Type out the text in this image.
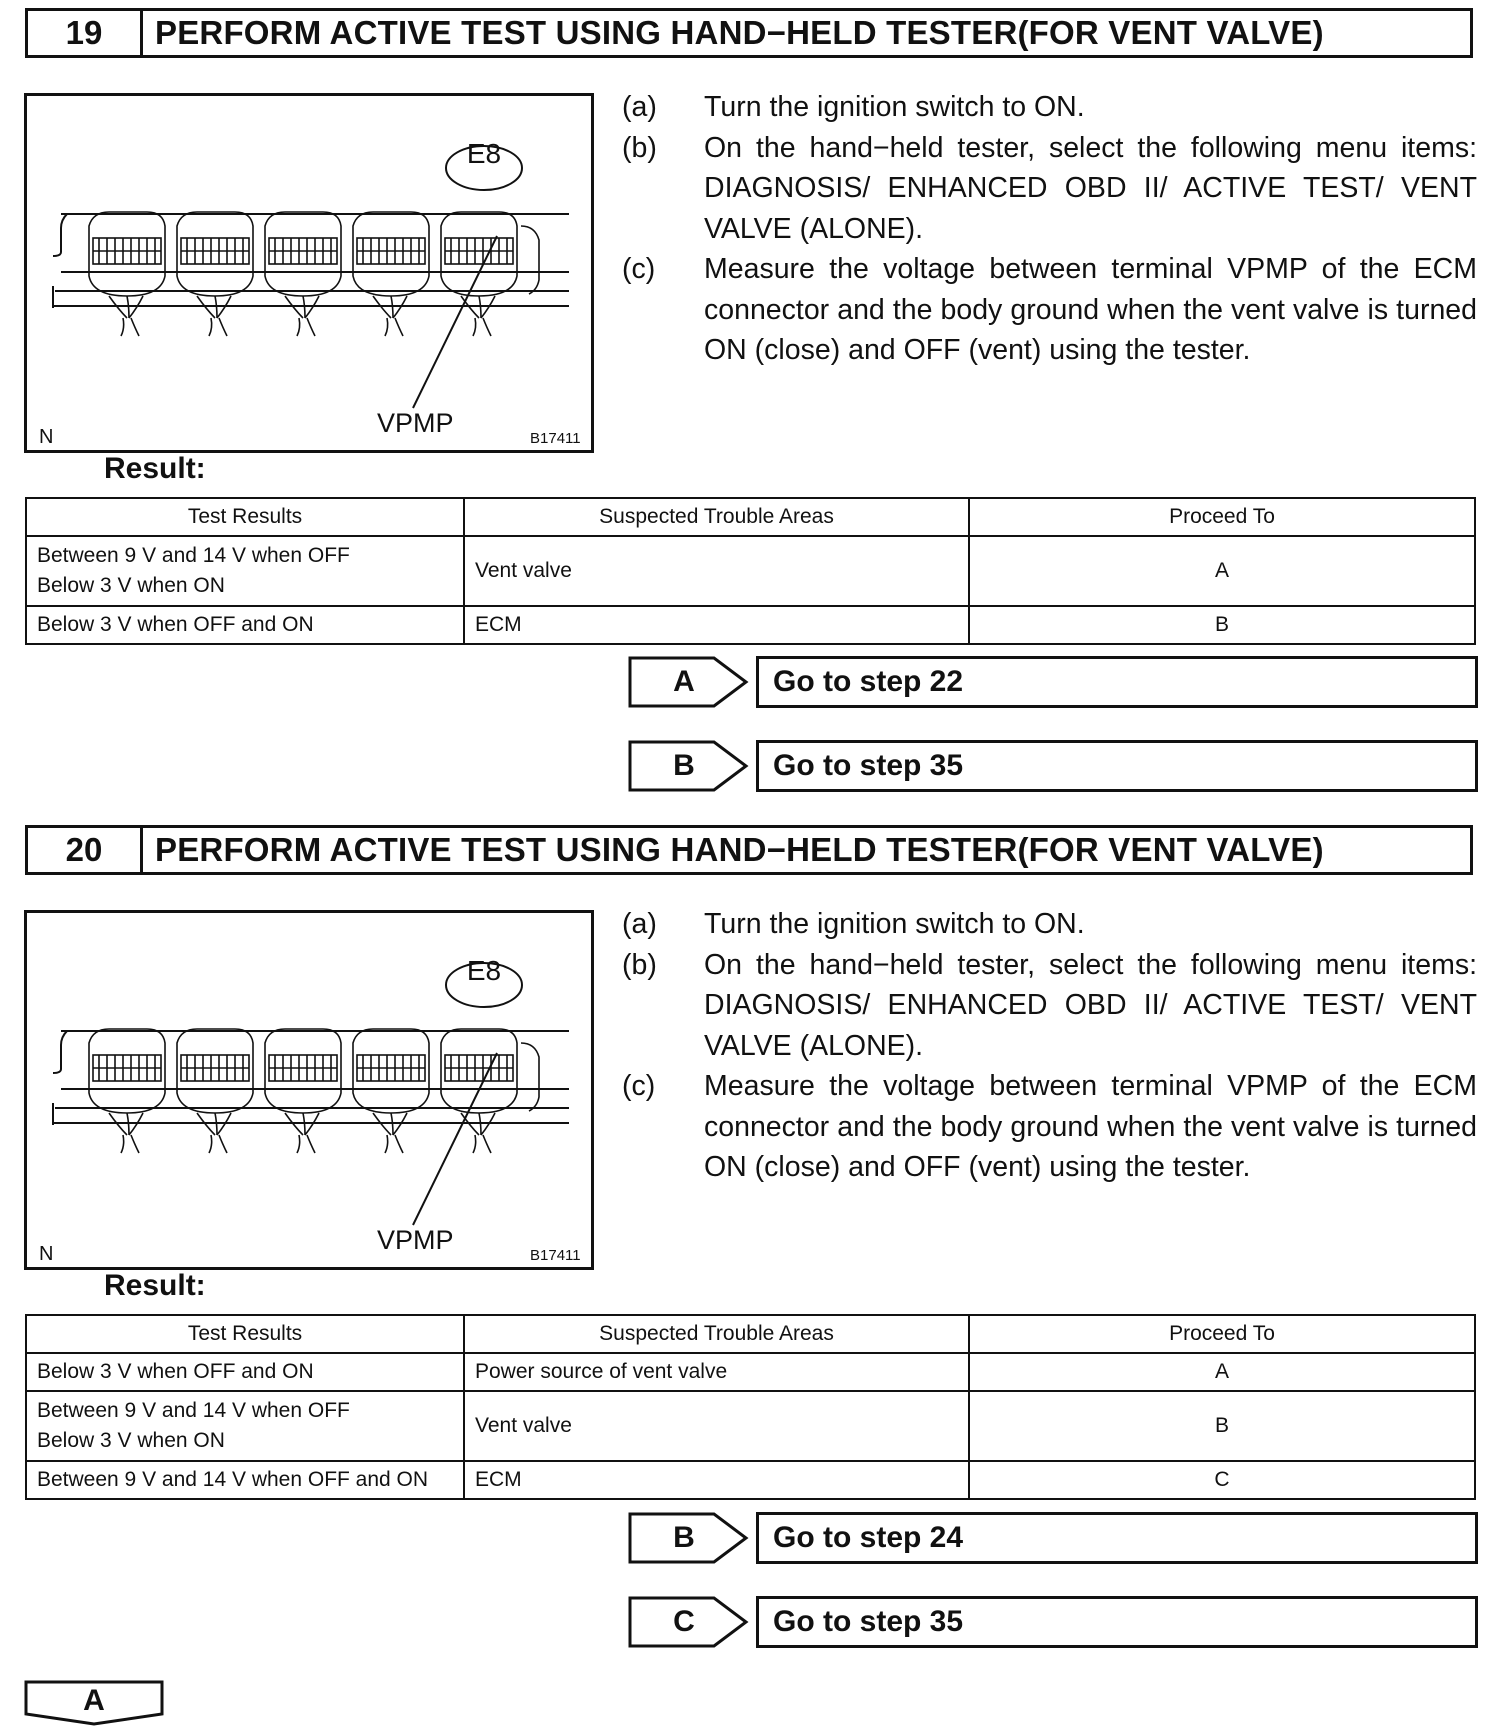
19	PERFORM ACTIVE TEST USING HAND−HELD TESTER(FOR VENT VALVE)
E8
VPMP
N	B17411
(a)	Turn the ignition switch to ON.
(b)	On the hand−held tester, select the following menu items: DIAGNOSIS/ ENHANCED OBD II/ ACTIVE TEST/ VENT VALVE (ALONE).
(c)	Measure the voltage between terminal VPMP of the ECM connector and the body ground when the vent valve is turned ON (close) and OFF (vent) using the tester.
Result:
Test Results	Suspected Trouble Areas	Proceed To

Between 9 V and 14 V when OFF
Below 3 V when ON	Vent valve	A

Below 3 V when OFF and ON	ECM	B
A	Go to step 22
B	Go to step 35
20	PERFORM ACTIVE TEST USING HAND−HELD TESTER(FOR VENT VALVE)
E8
VPMP
N	B17411
(a)	Turn the ignition switch to ON.
(b)	On the hand−held tester, select the following menu items: DIAGNOSIS/ ENHANCED OBD II/ ACTIVE TEST/ VENT VALVE (ALONE).
(c)	Measure the voltage between terminal VPMP of the ECM connector and the body ground when the vent valve is turned ON (close) and OFF (vent) using the tester.
Result:
Test Results	Suspected Trouble Areas	Proceed To

Below 3 V when OFF and ON	Power source of vent valve	A

Between 9 V and 14 V when OFF
Below 3 V when ON	Vent valve	B

Between 9 V and 14 V when OFF and ON	ECM	C
B	Go to step 24
C	Go to step 35
A
